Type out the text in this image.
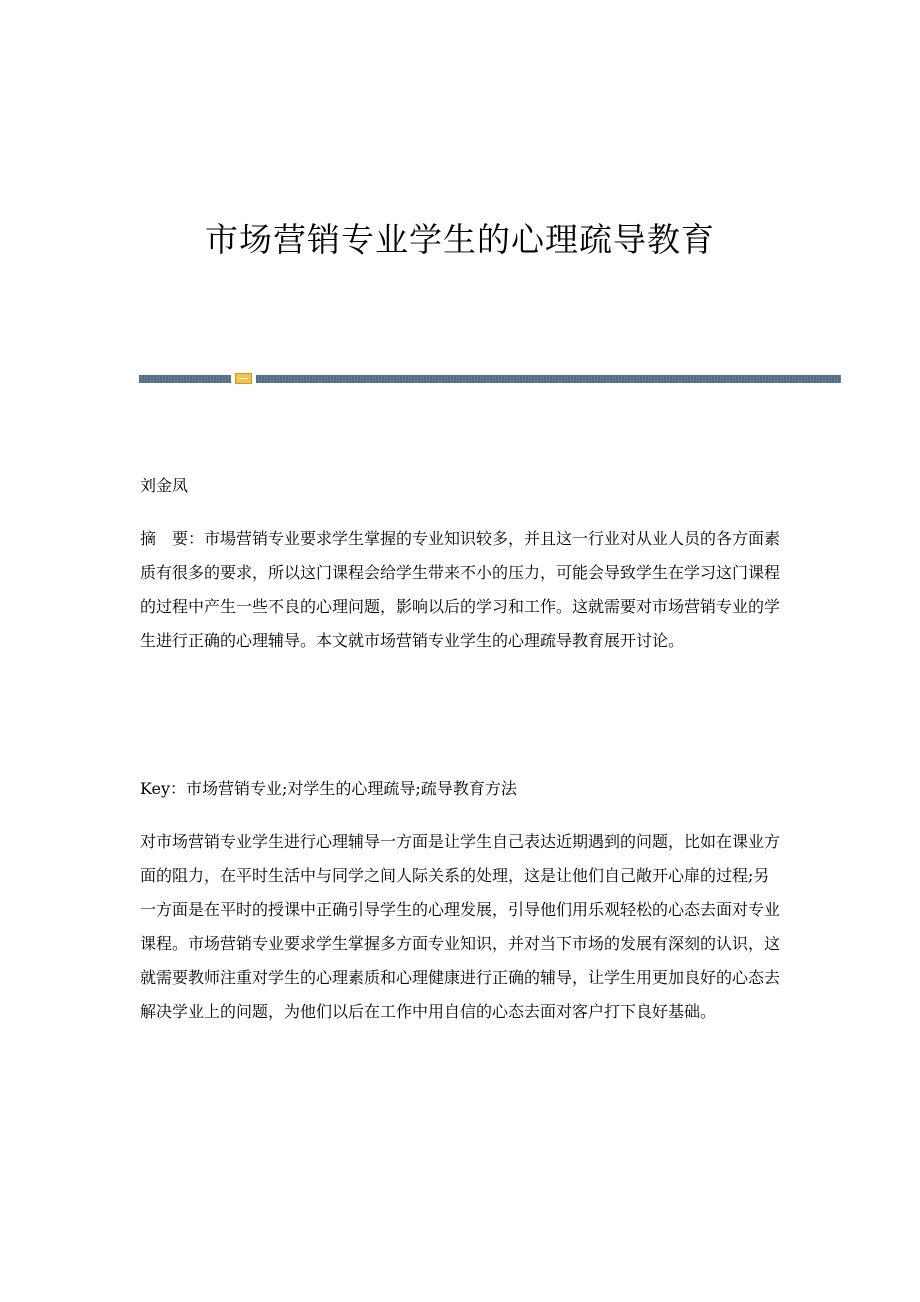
市场营销专业学生的心理疏导教育

刘金凤

摘　要：市場营销专业要求学生掌握的专业知识较多，并且这一行业对从业人员的各方面素质有很多的要求，所以这门课程会给学生带来不小的压力，可能会导致学生在学习这门课程的过程中产生一些不良的心理问题，影响以后的学习和工作。这就需要对市场营销专业的学生进行正确的心理辅导。本文就市场营销专业学生的心理疏导教育展开讨论。

Key：市场营销专业;对学生的心理疏导;疏导教育方法

对市场营销专业学生进行心理辅导一方面是让学生自己表达近期遇到的问题，比如在课业方面的阻力，在平时生活中与同学之间人际关系的处理，这是让他们自己敞开心扉的过程;另一方面是在平时的授课中正确引导学生的心理发展，引导他们用乐观轻松的心态去面对专业课程。市场营销专业要求学生掌握多方面专业知识，并对当下市场的发展有深刻的认识，这就需要教师注重对学生的心理素质和心理健康进行正确的辅导，让学生用更加良好的心态去解决学业上的问题，为他们以后在工作中用自信的心态去面对客户打下良好基础。
